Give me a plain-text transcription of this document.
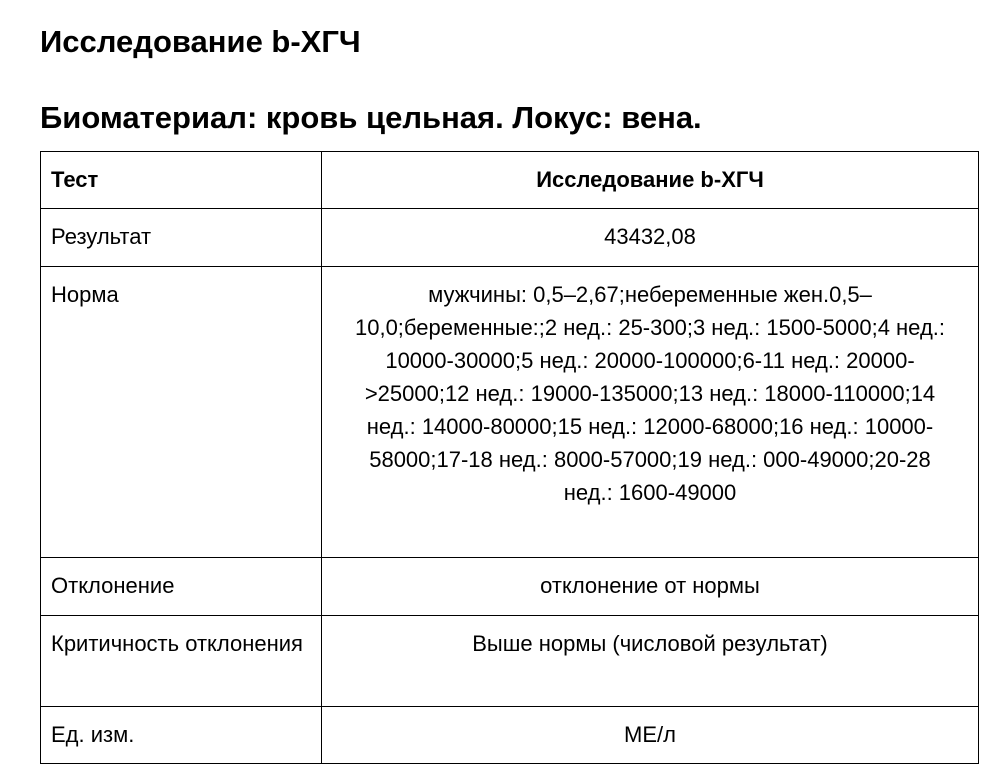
Исследование b-ХГЧ
Биоматериал: кровь цельная. Локус: вена.
Тест	Исследование b-ХГЧ
Результат	43432,08
Норма	мужчины: 0,5–2,67;небеременные жен.0,5–10,0;беременные:;2 нед.: 25-300;3 нед.: 1500-5000;4 нед.: 10000-30000;5 нед.: 20000-100000;6-11 нед.: 20000->25000;12 нед.: 19000-135000;13 нед.: 18000-110000;14 нед.: 14000-80000;15 нед.: 12000-68000;16 нед.: 10000-58000;17-18 нед.: 8000-57000;19 нед.: 000-49000;20-28 нед.: 1600-49000
Отклонение	отклонение от нормы
Критичность отклонения	Выше нормы (числовой результат)
Ед. изм.	МЕ/л
